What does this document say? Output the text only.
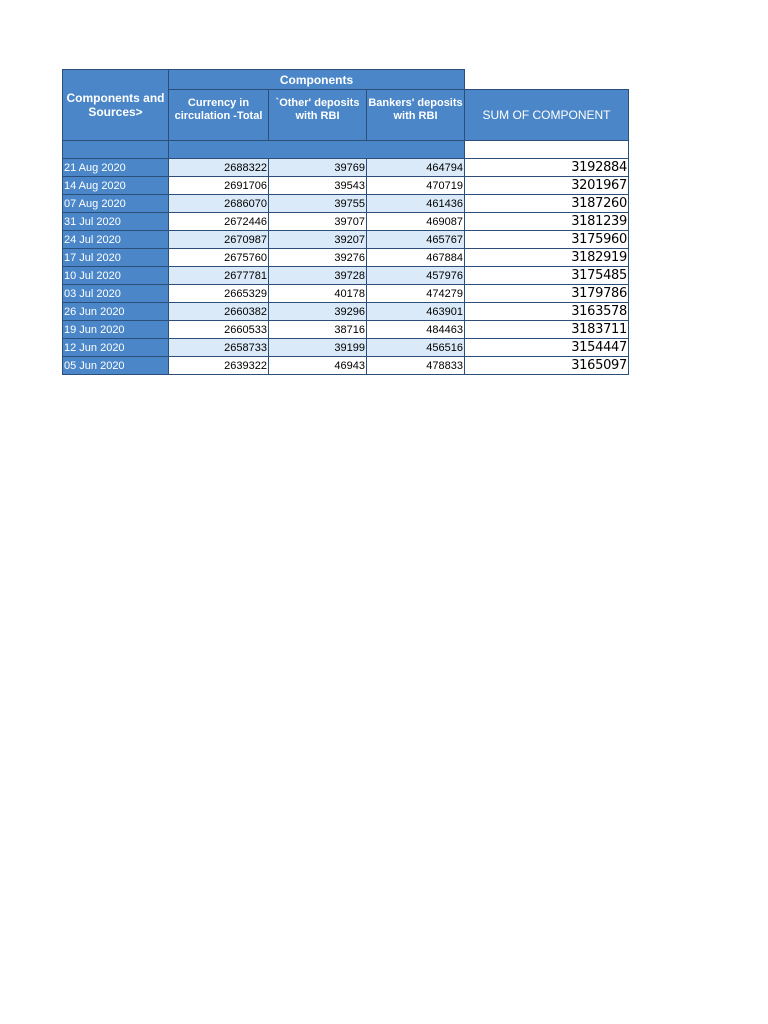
Components and Sources>	Components			
	Currency in circulation -Total	`Other' deposits with RBI	Bankers' deposits with RBI	SUM OF COMPONENT

21 Aug 2020	2688322	39769	464794	3192884
14 Aug 2020	2691706	39543	470719	3201967
07 Aug 2020	2686070	39755	461436	3187260
31 Jul 2020	2672446	39707	469087	3181239
24 Jul 2020	2670987	39207	465767	3175960
17 Jul 2020	2675760	39276	467884	3182919
10 Jul 2020	2677781	39728	457976	3175485
03 Jul 2020	2665329	40178	474279	3179786
26 Jun 2020	2660382	39296	463901	3163578
19 Jun 2020	2660533	38716	484463	3183711
12 Jun 2020	2658733	39199	456516	3154447
05 Jun 2020	2639322	46943	478833	3165097
